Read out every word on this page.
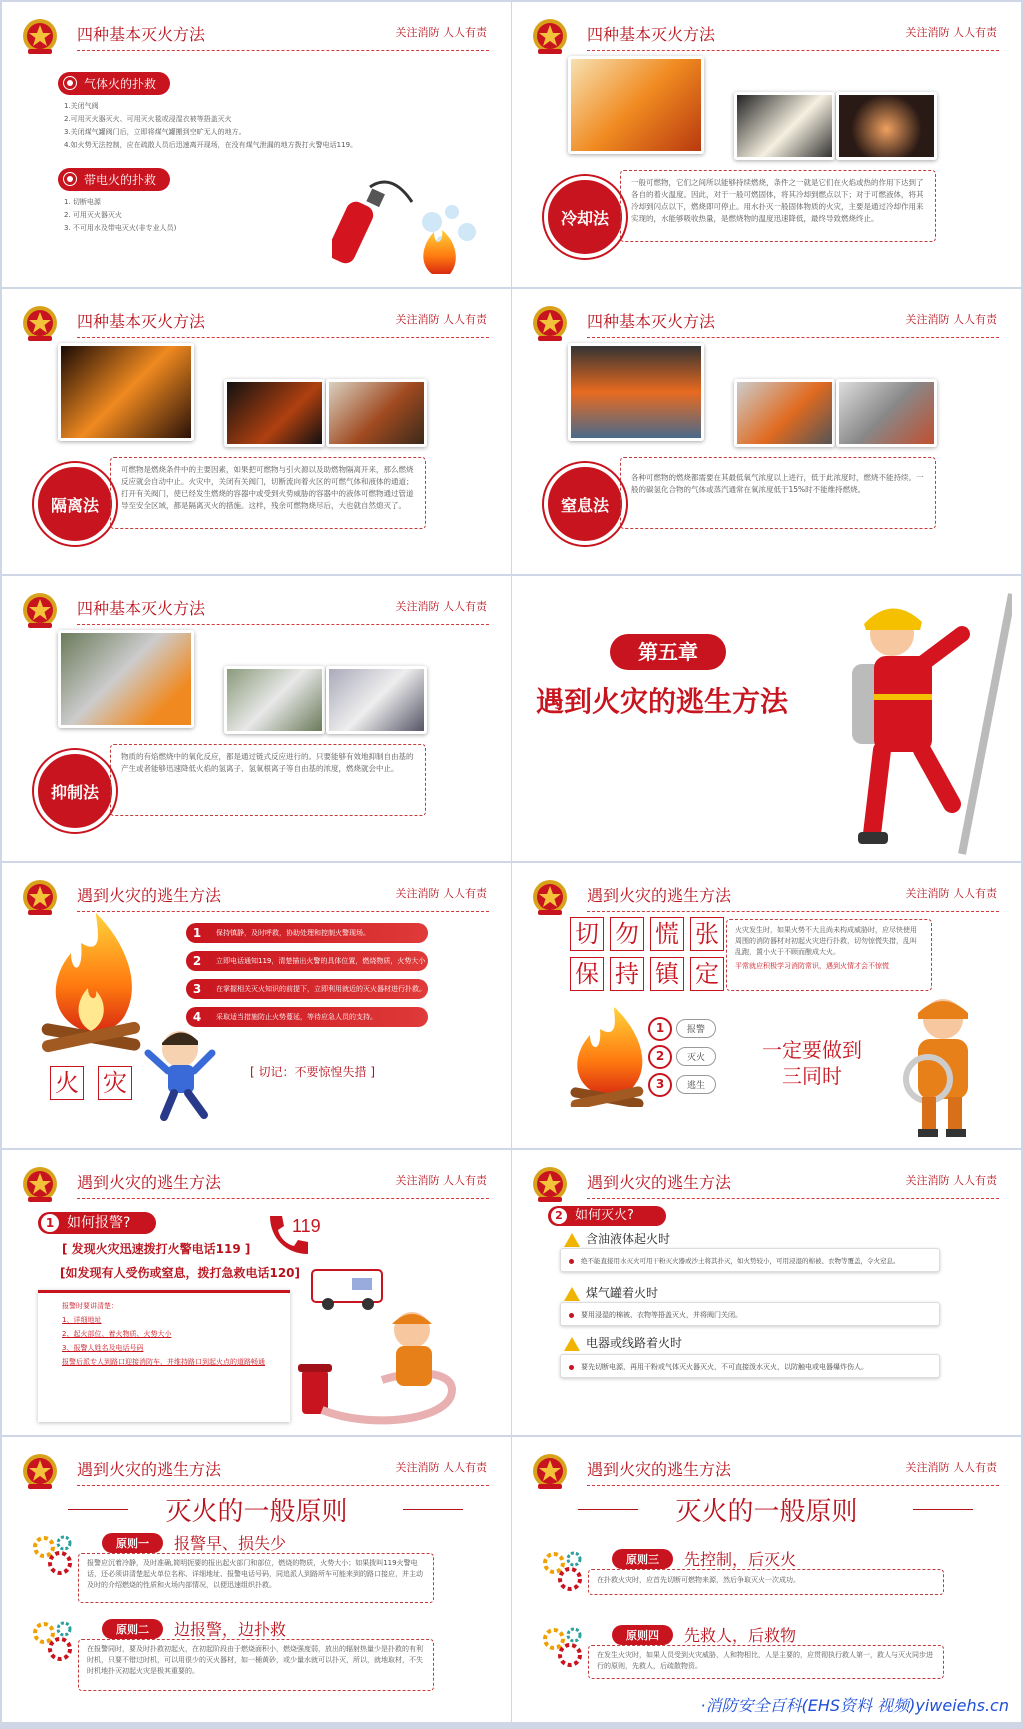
四种基本灭火方法	关注消防 人人有责
气体火的扑救
1.关闭气阀
2.可用灭火器灭火、可用灭火毯或浸湿衣被等捂盖灭火
3.关闭煤气罐阀门后，立即将煤气罐搬到空旷无人的地方。
4.如火势无法控制，应在疏散人员后迅速离开现场，在没有煤气泄漏的地方拨打火警电话119。
带电火的扑救
1. 切断电源
2. 可用灭火器灭火
3. 不可用水及带电灭火(非专业人员)
四种基本灭火方法	关注消防 人人有责
冷却法
一般可燃物，它们之间所以能够持续燃烧，条件之一就是它们在火焰或热的作用下达到了各自的着火温度。因此，对于一般可燃固体，将其冷却到燃点以下；对于可燃液体，将其冷却到闪点以下，燃烧即可停止。用水扑灭一般固体物质的火灾，主要是通过冷却作用来实现的，水能够吸收热量，是燃烧物的温度迅速降低，最终导致燃烧终止。
四种基本灭火方法	关注消防 人人有责
隔离法
可燃物是燃烧条件中的主要因素，如果把可燃物与引火源以及助燃物隔离开来，那么燃烧反应就会自动中止。火灾中，关闭有关阀门，切断流向着火区的可燃气体和液体的通道；打开有关阀门，使已经发生燃烧的容器中或受到火势威胁的容器中的液体可燃物通过管道导至安全区域，都是隔离灭火的措施。这样，残余可燃物烧尽后，大也就自然熄灭了。
四种基本灭火方法	关注消防 人人有责
窒息法
各种可燃物的燃烧都需要在其最低氧气浓度以上进行，低于此浓度时，燃烧不能持续。一般的碳氢化合物的气体或蒸汽通常在氧浓度低于15%时不能维持燃烧。
四种基本灭火方法	关注消防 人人有责
抑制法
物质的有焰燃烧中的氧化反应，都是通过链式反应进行的。只要能够有效地抑制自由基的产生或者能够迅速降低火焰的氢离子、氢氧根离子等自由基的浓度，燃烧就会中止。
第五章
遇到火灾的逃生方法
遇到火灾的逃生方法	关注消防 人人有责
1	保持镇静，及时呼救，协助处理和控制火警现场。
2	立即电话通知119，清楚描出火警的具体位置，燃烧物质，火势大小
3	在掌握相关灭火知识的前提下，立即利用就近的灭火器材进行扑救。
4	采取适当措施防止火势蔓延，等待应急人员的支持。
火 灾	[ 切记：不要惊惶失措 ]
遇到火灾的逃生方法	关注消防 人人有责
切 勿 慌 张
保 持 镇 定
火灾发生时，如果火势不大且尚未构成威胁时，应尽快使用周围的消防器材对初起火灾进行扑救，切勿惊慌失措，乱叫乱跑，置小火于不顾而酿成大火。
平常就应积极学习消防常识，遇到火情才会不惊慌
1	报警
2	灭火
3	逃生
一定要做到
三同时
遇到火灾的逃生方法	关注消防 人人有责
1 如何报警?
[ 发现火灾迅速拨打火警电话119 ]
[如发现有人受伤或窒息，拨打急救电话120]
119
报警时要讲清楚：
1、详细地址
2、起火部位、着火物质、火势大小
3、报警人姓名及电话号码
报警后派专人到路口迎接消防车，并维持路口到起火点的道路畅通
遇到火灾的逃生方法	关注消防 人人有责
2 如何灭火?
含油液体起火时
绝不能直接用水灭火可用干粉灭火器或沙土将其扑灭，如火势较小，可用浸湿的棉被、衣物等覆盖，令火窒息。
煤气罐着火时
要用浸湿的棉被、衣物等捂盖灭火，并将阀门关闭。
电器或线路着火时
要先切断电源，再用干粉或气体灭火器灭火，不可直接泼水灭火，以防触电或电器爆炸伤人。
遇到火灾的逃生方法	关注消防 人人有责
灭火的一般原则
原则一	报警早、损失少
报警应沉着冷静，及时准确,简明扼要的报出起火部门和部位，燃烧的物质，火势大小；如果拨叫119火警电话，还必须讲清楚起火单位名称、详细地址、报警电话号码，同追派人到路所车可能来到的路口接应，并主动及时的介绍燃烧的性质和火场内部情况，以便迅速组织扑救。
原则二	边报警，边扑救
在报警同时，要及时扑救初起火，在初起阶段由于燃烧面积小，燃烧强度弱，放出的辐射热量少是扑救的有利时机，只要不错过时机，可以用很少的灭火器材，如一桶黄砂，或少量水就可以扑灭，所以，就地取材，不失时机地扑灭初起火灾是极其重要的。
遇到火灾的逃生方法	关注消防 人人有责
灭火的一般原则
原则三	先控制，后灭火
在扑救火灾时，应首先切断可燃物来源，然后争取灭火一次成功。
原则四	先救人，后救物
在发生火灾时，如果人员受到火灾威胁，人和物相比，人是主要的，应贯彻执行救人第一，救人与灭火同步进行的原则，先救人，后疏散物资。
·消防安全百科(EHS资料 视频)yiweiehs.cn
